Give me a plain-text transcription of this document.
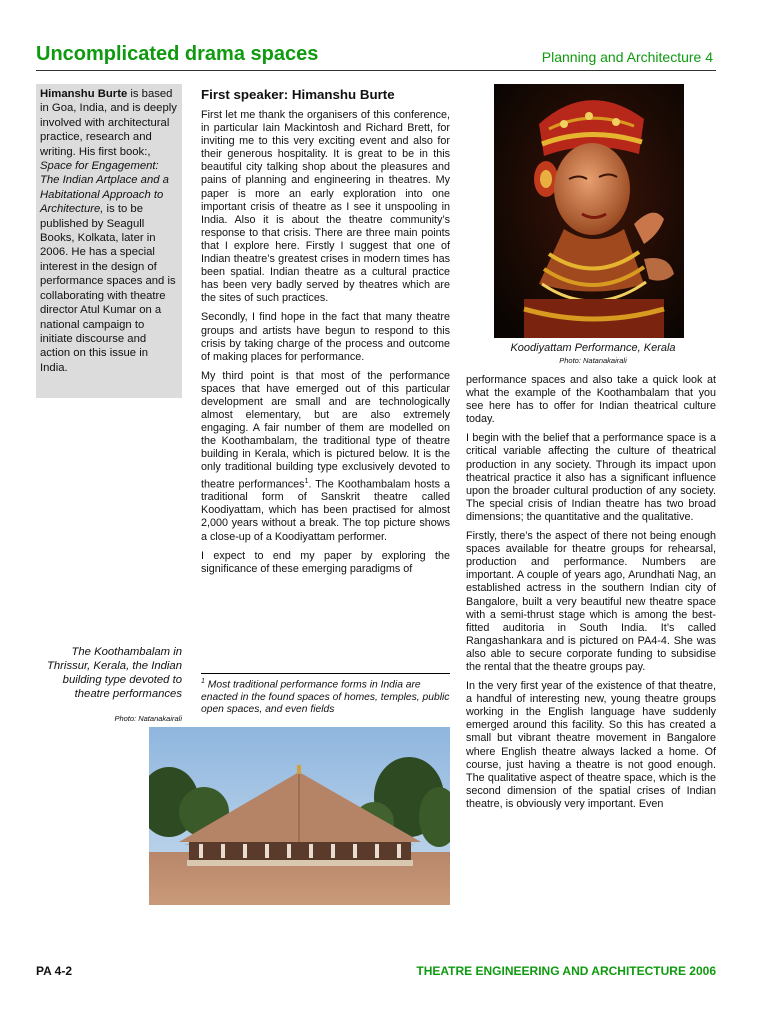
Uncomplicated drama spaces	Planning and Architecture 4
Himanshu Burte is based in Goa, India, and is deeply involved with architectural practice, research and writing. His first book:, Space for Engagement: The Indian Artplace and a Habitational Approach to Architecture, is to be published by Seagull Books, Kolkata, later in 2006. He has a special interest in the design of performance spaces and is collaborating with theatre director Atul Kumar on a national campaign to initiate discourse and action on this issue in India.
First speaker: Himanshu Burte

First let me thank the organisers of this conference, in particular Iain Mackintosh and Richard Brett, for inviting me to this very exciting event and also for their generous hospitality. It is great to be in this beautiful city talking shop about the pleasures and pains of planning and engineering in theatres. My paper is more an early exploration into one important crisis of theatre as I see it unspooling in India. Also it is about the theatre community’s response to that crisis. There are three main points that I explore here. Firstly I suggest that one of Indian theatre’s greatest crises in modern times has been spatial. Indian theatre as a cultural practice has been very badly served by theatres which are the sites of such practices.

Secondly, I find hope in the fact that many theatre groups and artists have begun to respond to this crisis by taking charge of the process and outcome of making places for performance.

My third point is that most of the performance spaces that have emerged out of this particular development are small and are technologically almost elementary, but are also extremely engaging. A fair number of them are modelled on the Koothambalam, the traditional type of theatre building in Kerala, which is pictured below. It is the only traditional building type exclusively devoted to theatre performances$^1$. The Koothambalam hosts a traditional form of Sanskrit theatre called Koodiyattam, which has been practised for almost 2,000 years without a break. The top picture shows a close-up of a Koodiyattam performer.

I expect to end my paper by exploring the significance of these emerging paradigms of

$^1$ Most traditional performance forms in India are enacted in the found spaces of homes, temples, public open spaces, and even fields
Koodiyattam Performance, Kerala
Photo: Natanakairali

performance spaces and also take a quick look at what the example of the Koothambalam that you see here has to offer for Indian theatrical culture today.

I begin with the belief that a performance space is a critical variable affecting the culture of theatrical production in any society. Through its impact upon theatrical practice it also has a significant influence upon the broader cultural production of any society. The special crisis of Indian theatre has two broad dimensions; the quantitative and the qualitative.

Firstly, there’s the aspect of there not being enough spaces available for theatre groups for rehearsal, production and performance. Numbers are important. A couple of years ago, Arundhati Nag, an established actress in the southern Indian city of Bangalore, built a very beautiful new theatre space with a semi-thrust stage which is among the best-fitted auditoria in South India. It’s called Rangashankara and is pictured on PA4-4. She was also able to secure corporate funding to subsidise the rental that the theatre groups pay.

In the very first year of the existence of that theatre, a handful of interesting new, young theatre groups working in the English language have suddenly emerged around this facility. So this has created a small but vibrant theatre movement in Bangalore where English theatre always lacked a home. Of course, just having a theatre is not good enough. The qualitative aspect of theatre space, which is the second dimension of the spatial crises of Indian theatre, is obviously very important. Even

The Koothambalam in Thrissur, Kerala, the Indian building type devoted to theatre performances
Photo: Natanakairali
PA 4-2	THEATRE ENGINEERING AND ARCHITECTURE 2006
